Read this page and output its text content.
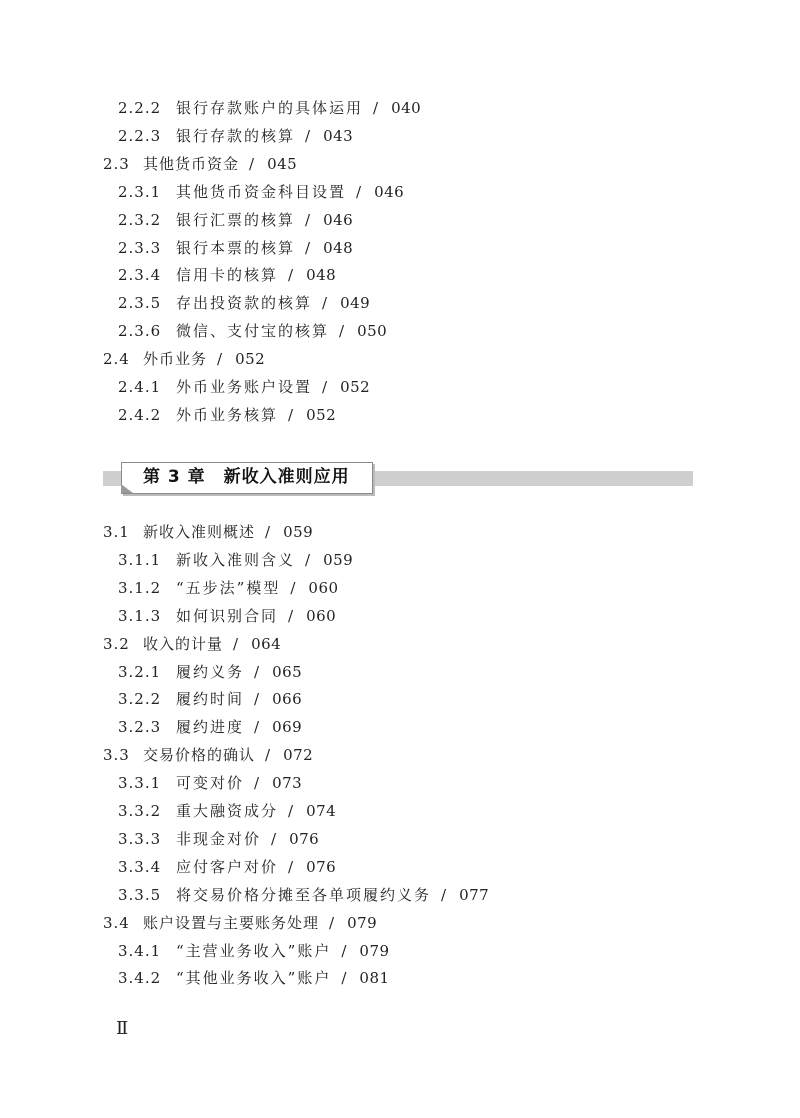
2.2.2 银行存款账户的具体运用 / 040
2.2.3 银行存款的核算 / 043
2.3 其他货币资金 / 045
2.3.1 其他货币资金科目设置 / 046
2.3.2 银行汇票的核算 / 046
2.3.3 银行本票的核算 / 048
2.3.4 信用卡的核算 / 048
2.3.5 存出投资款的核算 / 049
2.3.6 微信、支付宝的核算 / 050
2.4 外币业务 / 052
2.4.1 外币业务账户设置 / 052
2.4.2 外币业务核算 / 052
第 3 章 新收入准则应用
3.1 新收入准则概述 / 059
3.1.1 新收入准则含义 / 059
3.1.2 “五步法”模型 / 060
3.1.3 如何识别合同 / 060
3.2 收入的计量 / 064
3.2.1 履约义务 / 065
3.2.2 履约时间 / 066
3.2.3 履约进度 / 069
3.3 交易价格的确认 / 072
3.3.1 可变对价 / 073
3.3.2 重大融资成分 / 074
3.3.3 非现金对价 / 076
3.3.4 应付客户对价 / 076
3.3.5 将交易价格分摊至各单项履约义务 / 077
3.4 账户设置与主要账务处理 / 079
3.4.1 “主营业务收入”账户 / 079
3.4.2 “其他业务收入”账户 / 081
Ⅱ
